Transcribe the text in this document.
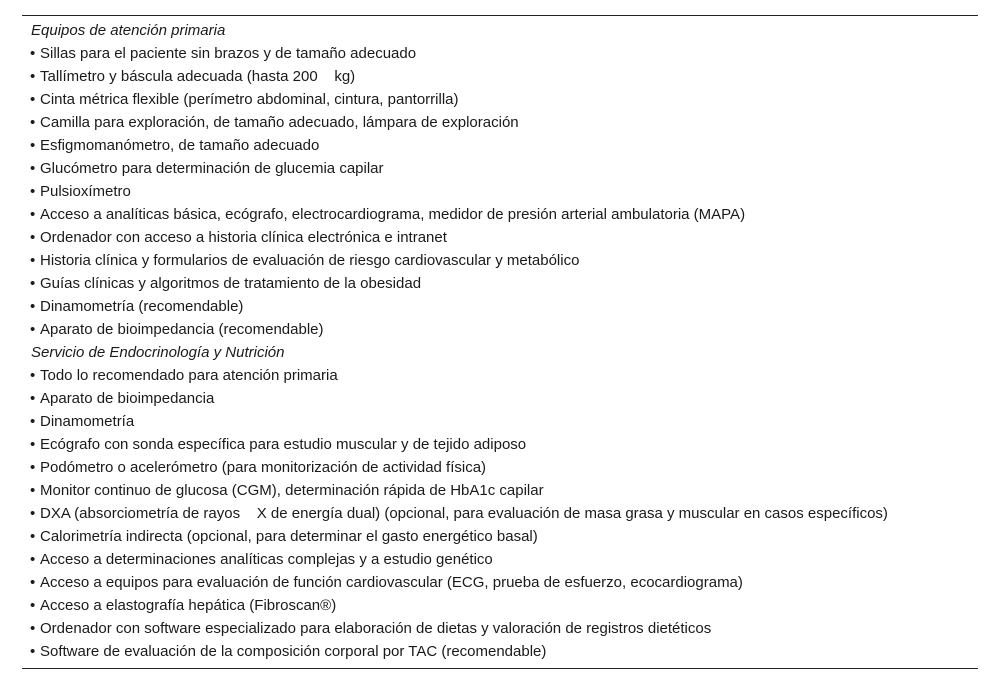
Equipos de atención primaria
• Sillas para el paciente sin brazos y de tamaño adecuado
• Tallímetro y báscula adecuada (hasta 200    kg)
• Cinta métrica flexible (perímetro abdominal, cintura, pantorrilla)
• Camilla para exploración, de tamaño adecuado, lámpara de exploración
• Esfigmomanómetro, de tamaño adecuado
• Glucómetro para determinación de glucemia capilar
• Pulsioxímetro
• Acceso a analíticas básica, ecógrafo, electrocardiograma, medidor de presión arterial ambulatoria (MAPA)
• Ordenador con acceso a historia clínica electrónica e intranet
• Historia clínica y formularios de evaluación de riesgo cardiovascular y metabólico
• Guías clínicas y algoritmos de tratamiento de la obesidad
• Dinamometría (recomendable)
• Aparato de bioimpedancia (recomendable)
Servicio de Endocrinología y Nutrición
• Todo lo recomendado para atención primaria
• Aparato de bioimpedancia
• Dinamometría
• Ecógrafo con sonda específica para estudio muscular y de tejido adiposo
• Podómetro o acelerómetro (para monitorización de actividad física)
• Monitor continuo de glucosa (CGM), determinación rápida de HbA1c capilar
• DXA (absorciometría de rayos    X de energía dual) (opcional, para evaluación de masa grasa y muscular en casos específicos)
• Calorimetría indirecta (opcional, para determinar el gasto energético basal)
• Acceso a determinaciones analíticas complejas y a estudio genético
• Acceso a equipos para evaluación de función cardiovascular (ECG, prueba de esfuerzo, ecocardiograma)
• Acceso a elastografía hepática (Fibroscan®)
• Ordenador con software especializado para elaboración de dietas y valoración de registros dietéticos
• Software de evaluación de la composición corporal por TAC (recomendable)
